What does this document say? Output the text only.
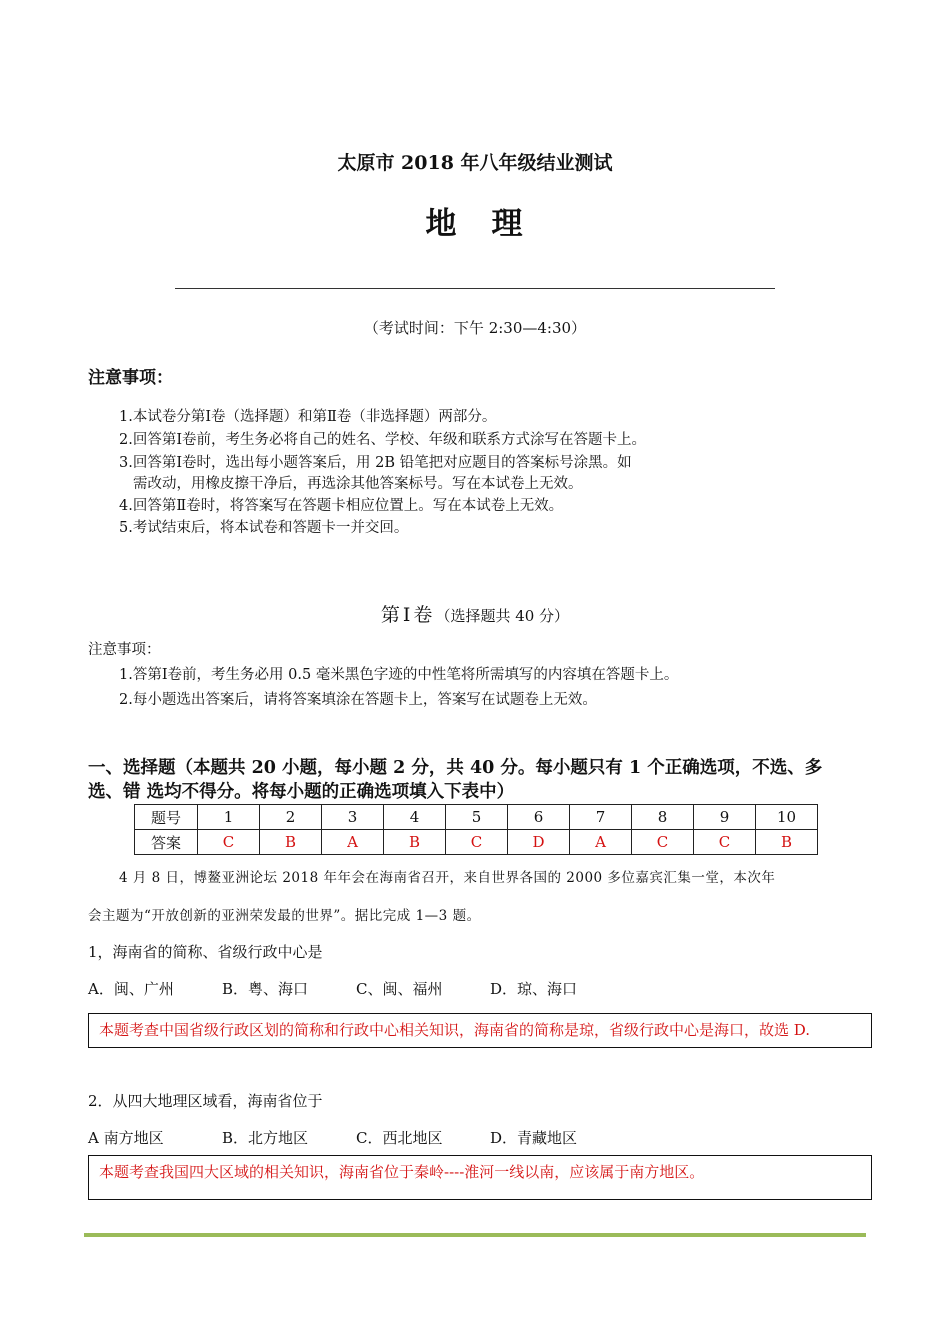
太原市 2018 年八年级结业测试
地　理
（考试时间：下午 2:30—4:30）
注意事项：
1.本试卷分第Ⅰ卷（选择题）和第Ⅱ卷（非选择题）两部分。
2.回答第Ⅰ卷前，考生务必将自己的姓名、学校、年级和联系方式涂写在答题卡上。
3.回答第Ⅰ卷时，选出每小题答案后，用 2B 铅笔把对应题目的答案标号涂黑。如
需改动，用橡皮擦干净后，再选涂其他答案标号。写在本试卷上无效。
4.回答第Ⅱ卷时，将答案写在答题卡相应位置上。写在本试卷上无效。
5.考试结束后，将本试卷和答题卡一并交回。
第Ⅰ卷（选择题共 40 分）
注意事项：
1.答第Ⅰ卷前，考生务必用 0.5 毫米黑色字迹的中性笔将所需填写的内容填在答题卡上。
2.每小题选出答案后，请将答案填涂在答题卡上，答案写在试题卷上无效。
一、选择题（本题共 20 小题，每小题 2 分，共 40 分。每小题只有 1 个正确选项，不选、多
选、错 选均不得分。将每小题的正确选项填入下表中）
题号	1	2	3	4	5	6	7	8	9	10
答案	C	B	A	B	C	D	A	C	C	B
4 月 8 日，博鳌亚洲论坛 2018 年年会在海南省召开，来自世界各国的 2000 多位嘉宾汇集一堂，本次年
会主题为“开放创新的亚洲荣发最的世界”。据比完成 1—3 题。
1，海南省的简称、省级行政中心是
A．闽、广州	B．粤、海口	C、闽、福州	D．琼、海口
本题考查中国省级行政区划的简称和行政中心相关知识，海南省的简称是琼，省级行政中心是海口，故选 D.
2．从四大地理区域看，海南省位于
A 南方地区	B．北方地区	C．西北地区	D．青藏地区
本题考查我国四大区域的相关知识，海南省位于秦岭----淮河一线以南，应该属于南方地区。
